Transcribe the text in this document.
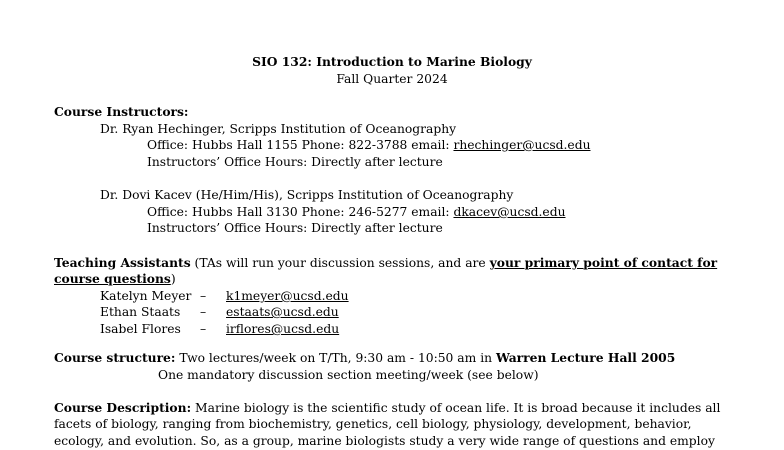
SIO 132: Introduction to Marine Biology
Fall Quarter 2024
Course Instructors:
Dr. Ryan Hechinger, Scripps Institution of Oceanography
Office: Hubbs Hall 1155 Phone: 822-3788 email: rhechinger@ucsd.edu
Instructors’ Office Hours: Directly after lecture
Dr. Dovi Kacev (He/Him/His), Scripps Institution of Oceanography
Office: Hubbs Hall 3130 Phone: 246-5277 email: dkacev@ucsd.edu
Instructors’ Office Hours: Directly after lecture
Teaching Assistants (TAs will run your discussion sessions, and are your primary point of contact for
course questions)
Katelyn Meyer – k1meyer@ucsd.edu
Ethan Staats – estaats@ucsd.edu
Isabel Flores – irflores@ucsd.edu
Course structure: Two lectures/week on T/Th, 9:30 am - 10:50 am in Warren Lecture Hall 2005
One mandatory discussion section meeting/week (see below)
Course Description: Marine biology is the scientific study of ocean life. It is broad because it includes all
facets of biology, ranging from biochemistry, genetics, cell biology, physiology, development, behavior,
ecology, and evolution. So, as a group, marine biologists study a very wide range of questions and employ
